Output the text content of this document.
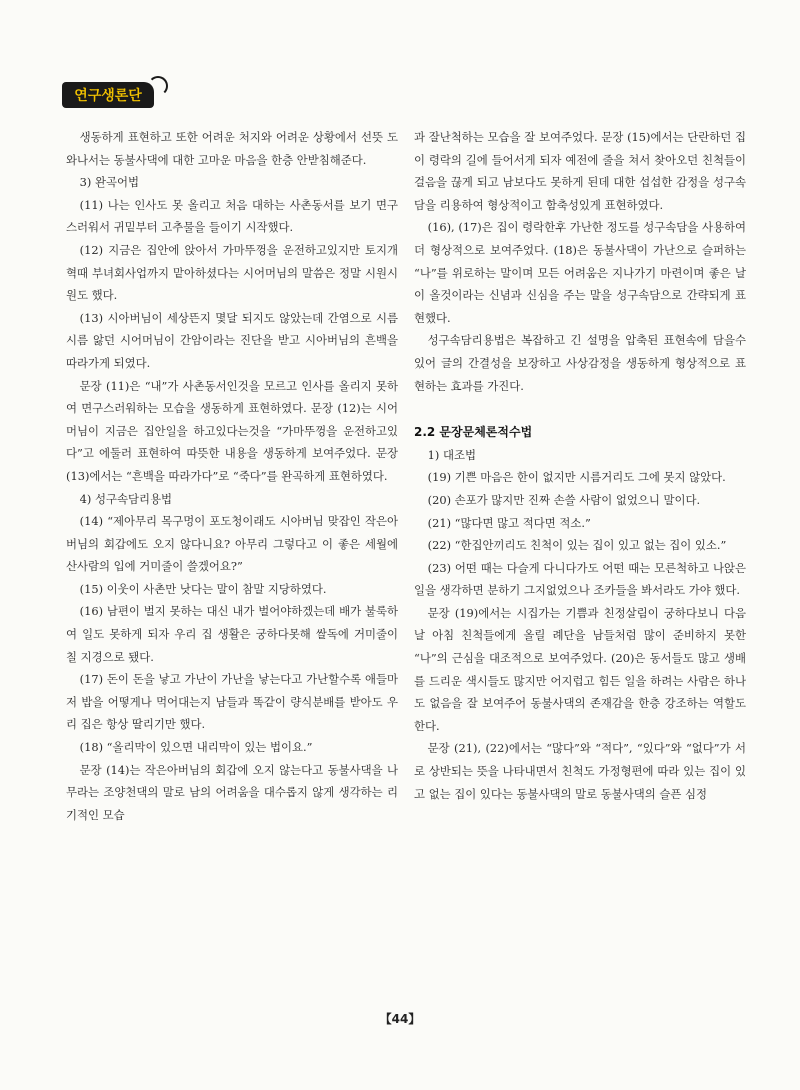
연구생론단

생동하게 표현하고 또한 어려운 처지와 어려운 상황에서 선뜻 도와나서는 동불사댁에 대한 고마운 마음을 한층 안받침해준다.

3) 완곡어법

(11) 나는 인사도 못 올리고 처음 대하는 사촌동서를 보기 면구스러워서 귀밑부터 고추물을 들이기 시작했다.

(12) 지금은 집안에 앉아서 가마뚜껑을 운전하고있지만 토지개혁때 부녀회사업까지 맡아하셨다는 시어머님의 말씀은 정말 시원시원도 했다.

(13) 시아버님이 세상뜬지 몇달 되지도 않았는데 간염으로 시름시름 앓던 시어머님이 간암이라는 진단을 받고 시아버님의 흔백을 따라가게 되였다.

문장 (11)은 “내”가 사촌동서인것을 모르고 인사를 올리지 못하여 면구스러워하는 모습을 생동하게 표현하였다. 문장 (12)는 시어머님이 지금은 집안일을 하고있다는것을 “가마뚜껑을 운전하고있다”고 에둘러 표현하여 따뜻한 내용을 생동하게 보여주었다. 문장 (13)에서는 “흔백을 따라가다”로 “죽다”를 완곡하게 표현하였다.

4) 성구속담리용법

(14) “제아무리 목구멍이 포도청이래도 시아버님 맞잡인 작은아버님의 회갑에도 오지 않다니요? 아무리 그렇다고 이 좋은 세월에 산사람의 입에 거미줄이 쓸겠어요?”

(15) 이웃이 사촌만 낫다는 말이 참말 지당하였다.

(16) 남편이 벌지 못하는 대신 내가 벌어야하겠는데 배가 불룩하여 일도 못하게 되자 우리 집 생활은 궁하다못해 쌀독에 거미줄이 칠 지경으로 됐다.

(17) 돈이 돈을 낳고 가난이 가난을 낳는다고 가난할수록 애들마저 밥을 어떻게나 먹어대는지 남들과 똑같이 량식분배를 받아도 우리 집은 항상 딸리기만 했다.

(18) “올리막이 있으면 내리막이 있는 법이요.”

문장 (14)는 작은아버님의 회갑에 오지 않는다고 동불사댁을 나무라는 조양천댁의 말로 남의 어려움을 대수롭지 않게 생각하는 리기적인 모습

과 잘난척하는 모습을 잘 보여주었다. 문장 (15)에서는 단란하던 집이 령락의 길에 들어서게 되자 예전에 줄을 쳐서 찾아오던 친척들이 걸음을 끊게 되고 남보다도 못하게 된데 대한 섭섭한 감정을 성구속담을 리용하여 형상적이고 함축성있게 표현하였다.

(16), (17)은 집이 령락한후 가난한 정도를 성구속담을 사용하여 더 형상적으로 보여주었다. (18)은 동불사댁이 가난으로 슬퍼하는 “나”를 위로하는 말이며 모든 어려움은 지나가기 마련이며 좋은 날이 올것이라는 신념과 신심을 주는 말을 성구속담으로 간략되게 표현했다.

성구속담리용법은 복잡하고 긴 설명을 압축된 표현속에 담을수 있어 글의 간결성을 보장하고 사상감정을 생동하게 형상적으로 표현하는 효과를 가진다.

2.2 문장문체론적수법

1) 대조법

(19) 기쁜 마음은 한이 없지만 시름거리도 그에 못지 않았다.

(20) 손포가 많지만 진짜 손쓸 사람이 없었으니 말이다.

(21) “많다면 많고 적다면 적소.”

(22) “한집안끼리도 친척이 있는 집이 있고 없는 집이 있소.”

(23) 어떤 때는 다슬게 다니다가도 어떤 때는 모른척하고 나앉은 일을 생각하면 분하기 그지없었으나 조카들을 봐서라도 가야 했다.

문장 (19)에서는 시집가는 기쁨과 친정살림이 궁하다보니 다음날 아침 친척들에게 올릴 례단을 남들처럼 많이 준비하지 못한 “나”의 근심을 대조적으로 보여주었다. (20)은 동서들도 많고 생배를 드리운 색시들도 많지만 어지럽고 힘든 일을 하려는 사람은 하나도 없음을 잘 보여주어 동불사댁의 존재감을 한층 강조하는 역할도 한다.

문장 (21), (22)에서는 “많다”와 “적다”, “있다”와 “없다”가 서로 상반되는 뜻을 나타내면서 친척도 가정형편에 따라 있는 집이 있고 없는 집이 있다는 동불사댁의 말로 동불사댁의 슬픈 심정

【44】
